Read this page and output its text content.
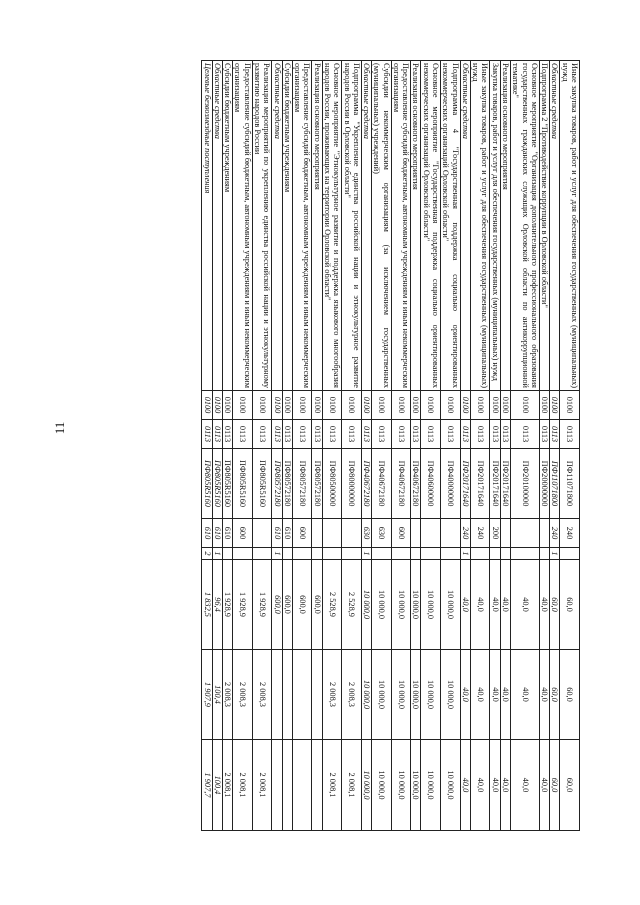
11
Иные закупка товаров, работ и услуг для обеспечения государственных (муниципальных) нужд	0100	0113	ПФ11071800	240		60,0	60,0	60,0
Областные средства	0100	0113	ПФ11071800	240	1	60,0	60,0	60,0
Подпрограмма 2 "Противодействие коррупции в Орловской области"	0100	0113	ПФ20000000			40,0	40,0	40,0
Основное мероприятие "Организация дополнительного профессионального образования государственных гражданских служащих Орловской области по антикоррупционной тематике"	0100	0113	ПФ20100000			40,0	40,0	40,0
Реализация основного мероприятия	0100	0113	ПФ20171640			40,0	40,0	40,0
Закупка товаров, работ и услуг для обеспечения государственных (муниципальных) нужд	0100	0113	ПФ20171640	200		40,0	40,0	40,0
Иные закупка товаров, работ и услуг для обеспечения государственных (муниципальных) нужд	0100	0113	ПФ20171640	240		40,0	40,0	40,0
Областные средства	0100	0113	ПФ20171640	240	1	40,0	40,0	40,0
Подпрограмма 4 "Государственная поддержка социально ориентированных некоммерческих организаций Орловской области"	0100	0113	ПФ40000000			10 000,0	10 000,0	10 000,0
Основное мероприятие "Государственная поддержка социально ориентированных некоммерческих организаций Орловской области"	0100	0113	ПФ40600000			10 000,0	10 000,0	10 000,0
Реализация основного мероприятия	0100	0113	ПФ40672180			10 000,0	10 000,0	10 000,0
Предоставление субсидий бюджетным, автономным учреждениям и иным некоммерческим организациям	0100	0113	ПФ40672180	600		10 000,0	10 000,0	10 000,0
Субсидии некоммерческим организациям (за исключением государственных (муниципальных) учреждений)	0100	0113	ПФ40672180	630		10 000,0	10 000,0	10 000,0
Областные средства	0100	0113	ПФ40672180	630	1	10 000,0	10 000,0	10 000,0
Подпрограмма "Укрепление единства российской нации и этнокультурное развитие народов России в Орловской области"	0100	0113	ПФ80000000			2 528,9	2 008,3	2 008,1
Основное мероприятие "Этнокультурное развитие и поддержка языкового многообразия народов России, проживающих на территории Орловской области"	0100	0113	ПФ80500000			2 528,9	2 008,3	2 008,1
Реализация основного мероприятия	0100	0113	ПФ80572180			600,0		
Предоставление субсидий бюджетным, автономным учреждениям и иным некоммерческим организациям	0100	0113	ПФ80572180	600		600,0		
Субсидии бюджетным учреждениям	0100	0113	ПФ80572180	610		600,0		
Областные средства	0100	0113	ПФ80572180	610	1	600,0		
Реализация мероприятий по укреплению единства российской нации и этнокультурному развитию народов России	0100	0113	ПФ805R5160			1 928,9	2 008,3	2 008,1
Предоставление субсидий бюджетным, автономным учреждениям и иным некоммерческим организациям	0100	0113	ПФ805R5160	600		1 928,9	2 008,3	2 008,1
Субсидии бюджетным учреждениям	0100	0113	ПФ805R5160	610		1 928,9	2 008,3	2 008,1
Областные средства	0100	0113	ПФ805R5160	610	1	96,4	100,4	100,4
Целевые безвозмездные поступления	0100	0113	ПФ805R5160	610	2	1 832,5	1 907,9	1 907,7
